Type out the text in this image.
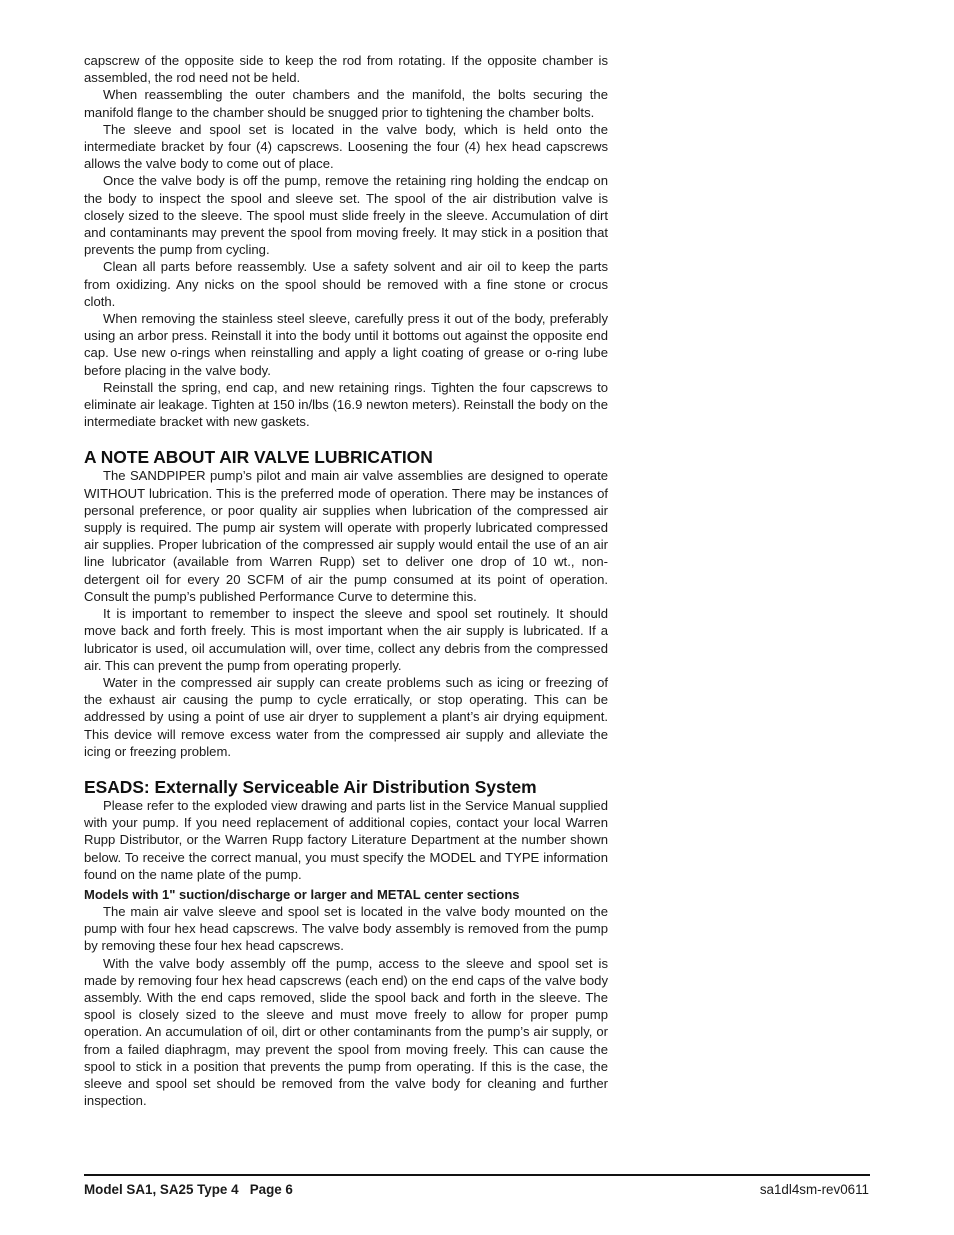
capscrew of the opposite side to keep the rod from rotating. If the opposite chamber is assembled, the rod need not be held.

When reassembling the outer chambers and the manifold, the bolts securing the manifold flange to the chamber should be snugged prior to tightening the chamber bolts.

The sleeve and spool set is located in the valve body, which is held onto the intermediate bracket by four (4) capscrews. Loosening the four (4) hex head capscrews allows the valve body to come out of place.

Once the valve body is off the pump, remove the retaining ring holding the endcap on the body to inspect the spool and sleeve set. The spool of the air distribution valve is closely sized to the sleeve. The spool must slide freely in the sleeve. Accumulation of dirt and contaminants may prevent the spool from moving freely. It may stick in a position that prevents the pump from cycling.

Clean all parts before reassembly. Use a safety solvent and air oil to keep the parts from oxidizing. Any nicks on the spool should be removed with a fine stone or crocus cloth.

When removing the stainless steel sleeve, carefully press it out of the body, preferably using an arbor press. Reinstall it into the body until it bottoms out against the opposite end cap. Use new o-rings when reinstalling and apply a light coating of grease or o-ring lube before placing in the valve body.

Reinstall the spring, end cap, and new retaining rings. Tighten the four capscrews to eliminate air leakage. Tighten at 150 in/lbs (16.9 newton meters). Reinstall the body on the intermediate bracket with new gaskets.

A NOTE ABOUT AIR VALVE LUBRICATION

The SANDPIPER pump’s pilot and main air valve assemblies are designed to operate WITHOUT lubrication. This is the preferred mode of operation. There may be instances of personal preference, or poor quality air supplies when lubrication of the compressed air supply is required. The pump air system will operate with properly lubricated compressed air supplies. Proper lubrication of the compressed air supply would entail the use of an air line lubricator (available from Warren Rupp) set to deliver one drop of 10 wt., non-detergent oil for every 20 SCFM of air the pump consumed at its point of operation. Consult the pump’s published Performance Curve to determine this.

It is important to remember to inspect the sleeve and spool set routinely. It should move back and forth freely. This is most important when the air supply is lubricated. If a lubricator is used, oil accumulation will, over time, collect any debris from the compressed air. This can prevent the pump from operating properly.

Water in the compressed air supply can create problems such as icing or freezing of the exhaust air causing the pump to cycle erratically, or stop operating. This can be addressed by using a point of use air dryer to supplement a plant’s air drying equipment. This device will remove excess water from the compressed air supply and alleviate the icing or freezing problem.

ESADS: Externally Serviceable Air Distribution System

Please refer to the exploded view drawing and parts list in the Service Manual supplied with your pump. If you need replacement of additional copies, contact your local Warren Rupp Distributor, or the Warren Rupp factory Literature Department at the number shown below. To receive the correct manual, you must specify the MODEL and TYPE information found on the name plate of the pump.

Models with 1" suction/discharge or larger and METAL center sections

The main air valve sleeve and spool set is located in the valve body mounted on the pump with four hex head capscrews. The valve body assembly is removed from the pump by removing these four hex head capscrews.

With the valve body assembly off the pump, access to the sleeve and spool set is made by removing four hex head capscrews (each end) on the end caps of the valve body assembly. With the end caps removed, slide the spool back and forth in the sleeve. The spool is closely sized to the sleeve and must move freely to allow for proper pump operation. An accumulation of oil, dirt or other contaminants from the pump’s air supply, or from a failed diaphragm, may prevent the spool from moving freely. This can cause the spool to stick in a position that prevents the pump from operating. If this is the case, the sleeve and spool set should be removed from the valve body for cleaning and further inspection.

Model SA1, SA25 Type 4   Page 6	sa1dl4sm-rev0611
